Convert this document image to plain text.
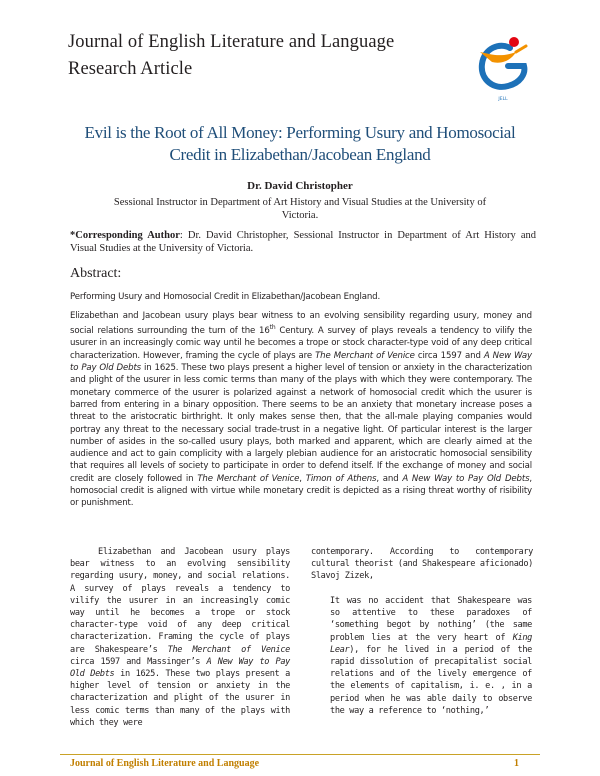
Journal of English Literature and Language
Research Article
JELL
Evil is the Root of All Money: Performing Usury and Homosocial
Credit in Elizabethan/Jacobean England
Dr. David Christopher
Sessional Instructor in Department of Art History and Visual Studies at the University of
Victoria.
*Corresponding Author: Dr. David Christopher, Sessional Instructor in Department of Art History and Visual Studies at the University of Victoria.
Abstract:
Performing Usury and Homosocial Credit in Elizabethan/Jacobean England.
Elizabethan and Jacobean usury plays bear witness to an evolving sensibility regarding usury, money and social relations surrounding the turn of the 16th Century. A survey of plays reveals a tendency to vilify the usurer in an increasingly comic way until he becomes a trope or stock character-type void of any deep critical characterization. However, framing the cycle of plays are The Merchant of Venice circa 1597 and A New Way to Pay Old Debts in 1625. These two plays present a higher level of tension or anxiety in the characterization and plight of the usurer in less comic terms than many of the plays with which they were contemporary. The monetary commerce of the usurer is polarized against a network of homosocial credit which the usurer is barred from entering in a binary opposition. There seems to be an anxiety that monetary increase poses a threat to the aristocratic birthright. It only makes sense then, that the all-male playing companies would portray any threat to the necessary social trade-trust in a negative light. Of particular interest is the larger number of asides in the so-called usury plays, both marked and apparent, which are clearly aimed at the audience and act to gain complicity with a largely plebian audience for an aristocratic homosocial sensibility that requires all levels of society to participate in order to defend itself. If the exchange of money and social credit are closely followed in The Merchant of Venice, Timon of Athens, and A New Way to Pay Old Debts, homosocial credit is aligned with virtue while monetary credit is depicted as a rising threat worthy of risibility or punishment.
Elizabethan and Jacobean usury plays bear witness to an evolving sensibility regarding usury, money, and social relations. A survey of plays reveals a tendency to vilify the usurer in an increasingly comic way until he becomes a trope or stock character-type void of any deep critical characterization. Framing the cycle of plays are Shakespeare’s The Merchant of Venice circa 1597 and Massinger’s A New Way to Pay Old Debts in 1625. These two plays present a higher level of tension or anxiety in the characterization and plight of the usurer in less comic terms than many of the plays with which they were
contemporary. According to contemporary cultural theorist (and Shakespeare aficionado) Slavoj Zizek,
It was no accident that Shakespeare was so attentive to these paradoxes of ‘something begot by nothing’ (the same problem lies at the very heart of King Lear), for he lived in a period of the rapid dissolution of precapitalist social relations and of the lively emergence of the elements of capitalism, i. e. , in a period when he was able daily to observe the way a reference to ‘nothing,’
Journal of English Literature and Language	1
